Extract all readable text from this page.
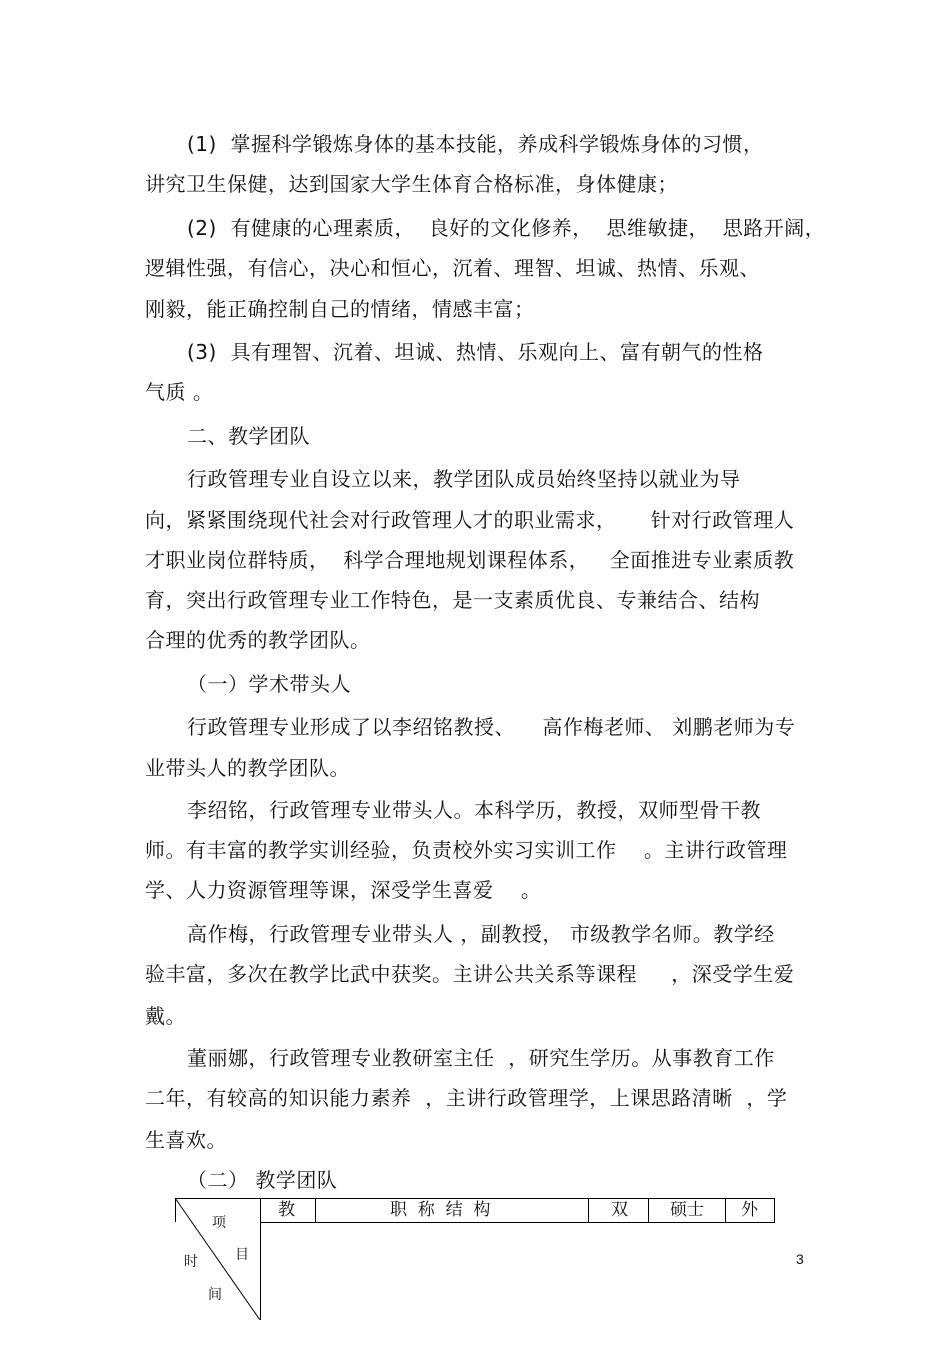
(1)  掌握科学锻炼身体的基本技能，养成科学锻炼身体的习惯，
讲究卫生保健，达到国家大学生体育合格标准，身体健康；
(2)  有健康的心理素质，  良好的文化修养，  思维敏捷，  思路开阔，
逻辑性强，有信心，决心和恒心，沉着、理智、坦诚、热情、乐观、
刚毅，能正确控制自己的情绪，情感丰富；
(3)  具有理智、沉着、坦诚、热情、乐观向上、富有朝气的性格
气质 。
二、教学团队
行政管理专业自设立以来，教学团队成员始终坚持以就业为导
向，紧紧围绕现代社会对行政管理人才的职业需求，     针对行政管理人
才职业岗位群特质，  科学合理地规划课程体系，   全面推进专业素质教
育，突出行政管理专业工作特色，是一支素质优良、专兼结合、结构
合理的优秀的教学团队。
（一）学术带头人
行政管理专业形成了以李绍铭教授、    高作梅老师、 刘鹏老师为专
业带头人的教学团队。
李绍铭，行政管理专业带头人。本科学历，教授，双师型骨干教
师。有丰富的教学实训经验，负责校外实习实训工作    。主讲行政管理
学、人力资源管理等课，深受学生喜爱    。
高作梅，行政管理专业带头人 ，副教授， 市级教学名师。教学经
验丰富，多次在教学比武中获奖。主讲公共关系等课程     ，深受学生爱
戴。
董丽娜，行政管理专业教研室主任  ，研究生学历。从事教育工作
二年，有较高的知识能力素养  ，主讲行政管理学，上课思路清晰  ，学
生喜欢。
（二） 教学团队
教	职  称  结  构	双 硕士 外
项
目
时
间
3
